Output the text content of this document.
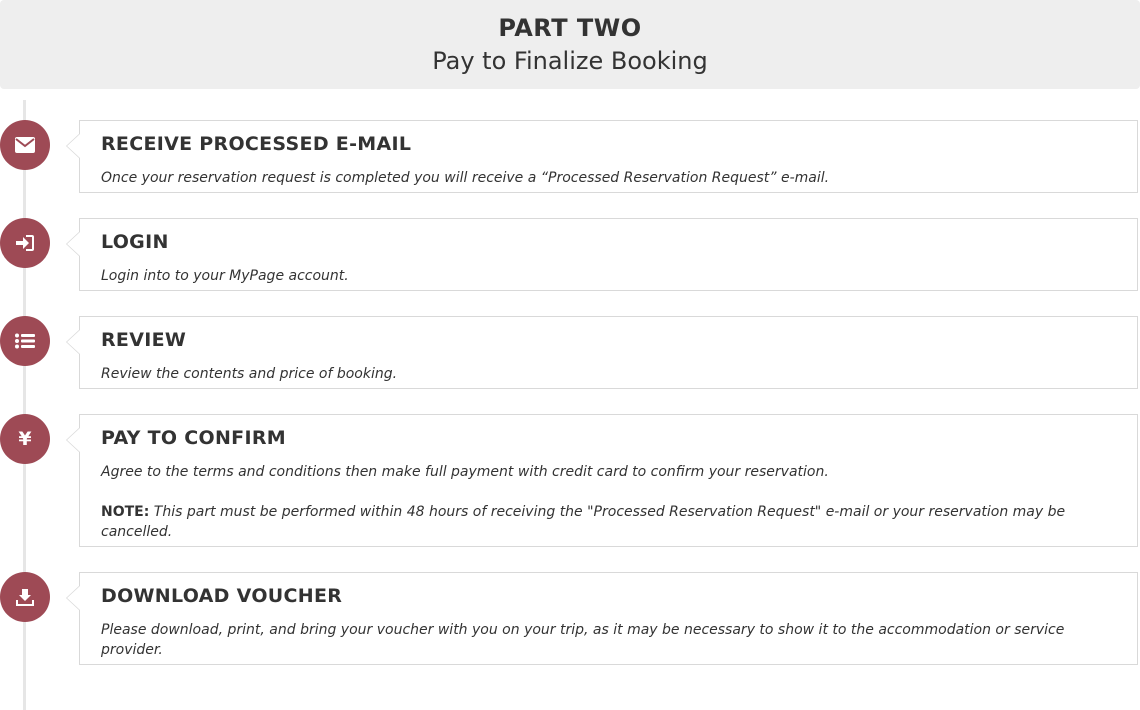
PART TWO
Pay to Finalize Booking
RECEIVE PROCESSED E-MAIL

Once your reservation request is completed you will receive a “Processed Reservation Request” e-mail.

LOGIN

Login into to your MyPage account.

REVIEW

Review the contents and price of booking.

¥	PAY TO CONFIRM

Agree to the terms and conditions then make full payment with credit card to confirm your reservation.

NOTE: This part must be performed within 48 hours of receiving the "Processed Reservation Request" e-mail or your reservation may be cancelled.

DOWNLOAD VOUCHER

Please download, print, and bring your voucher with you on your trip, as it may be necessary to show it to the accommodation or service provider.
